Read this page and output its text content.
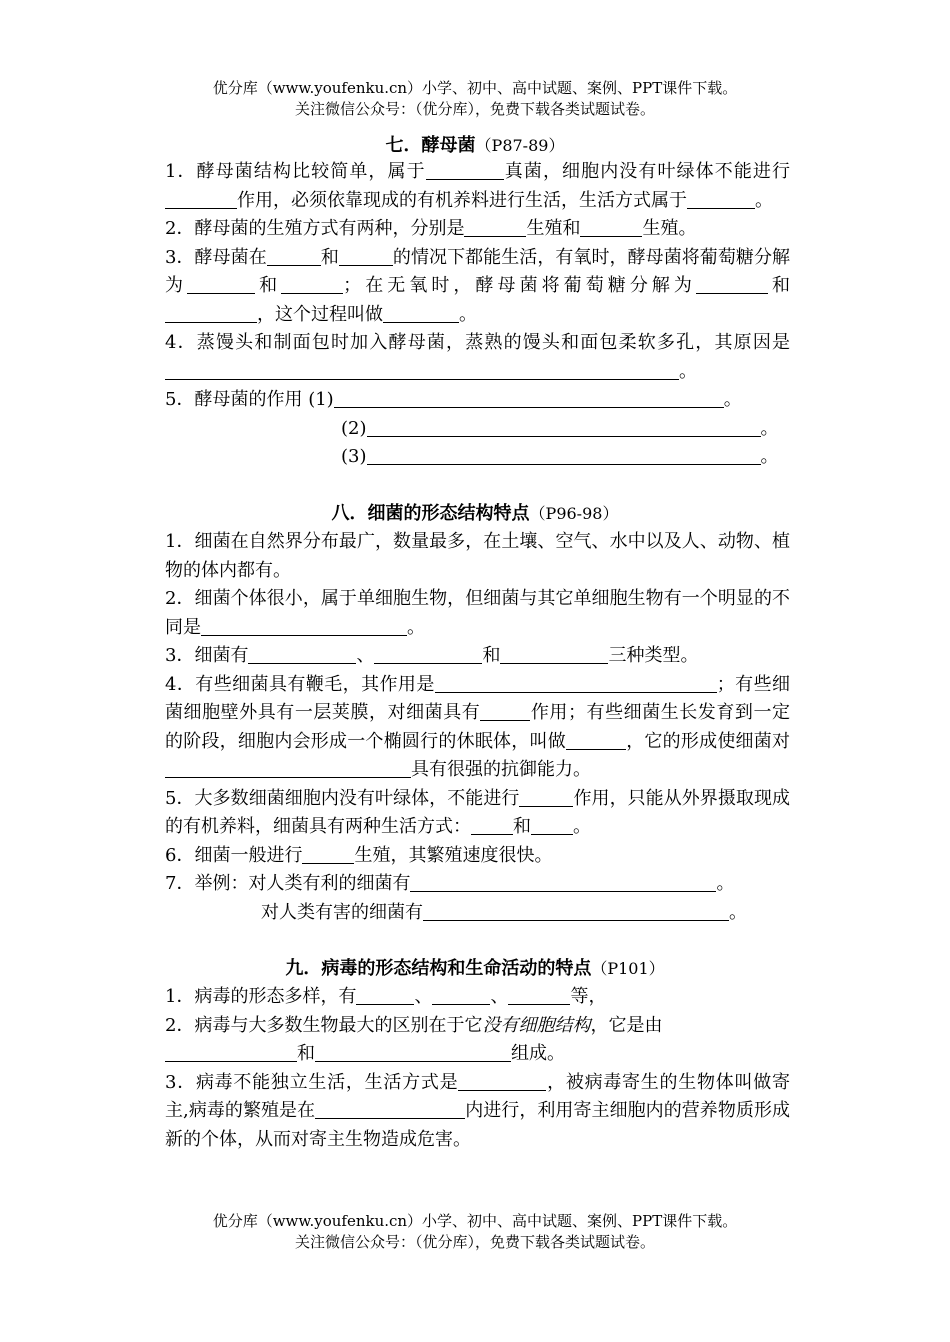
优分库（www.youfenku.cn）小学、初中、高中试题、案例、PPT课件下载。
关注微信公众号：（优分库），免费下载各类试题试卷。
七．酵母菌（P87-89）

1．酵母菌结构比较简单，属于	真菌，细胞内没有叶绿体不能进行作用，必须依靠现成的有机养料进行生活，生活方式属于	。

2．酵母菌的生殖方式有两种，分别是	生殖和	生殖。

3．酵母菌在	和	的情况下都能生活，有氧时，酵母菌将葡萄糖分解为	和	；在无氧时，酵母菌将葡萄糖分解为	和，这个过程叫做	。

4．蒸馒头和制面包时加入酵母菌，蒸熟的馒头和面包柔软多孔，其原因是。

5．酵母菌的作用 (1)	。

(2)	。

(3)	。

八．细菌的形态结构特点（P96-98）

1．细菌在自然界分布最广，数量最多，在土壤、空气、水中以及人、动物、植物的体内都有。

2．细菌个体很小，属于单细胞生物，但细菌与其它单细胞生物有一个明显的不同是	。

3．细菌有	、	和	三种类型。

4．有些细菌具有鞭毛，其作用是	；有些细菌细胞壁外具有一层荚膜，对细菌具有	作用；有些细菌生长发育到一定的阶段，细胞内会形成一个椭圆行的休眠体，叫做	，它的形成使细菌对具有很强的抗御能力。

5．大多数细菌细胞内没有叶绿体，不能进行	作用，只能从外界摄取现成的有机养料，细菌具有两种生活方式： 和 。

6．细菌一般进行	生殖，其繁殖速度很快。

7．举例：对人类有利的细菌有	。

对人类有害的细菌有	。

九．病毒的形态结构和生命活动的特点（P101）

1．病毒的形态多样，有	、	、	等，

2．病毒与大多数生物最大的区别在于它没有细胞结构，它是由
和	组成。

3．病毒不能独立生活，生活方式是	，被病毒寄生的生物体叫做寄主,病毒的繁殖是在	内进行，利用寄主细胞内的营养物质形成新的个体，从而对寄主生物造成危害。

优分库（www.youfenku.cn）小学、初中、高中试题、案例、PPT课件下载。
关注微信公众号：（优分库），免费下载各类试题试卷。
